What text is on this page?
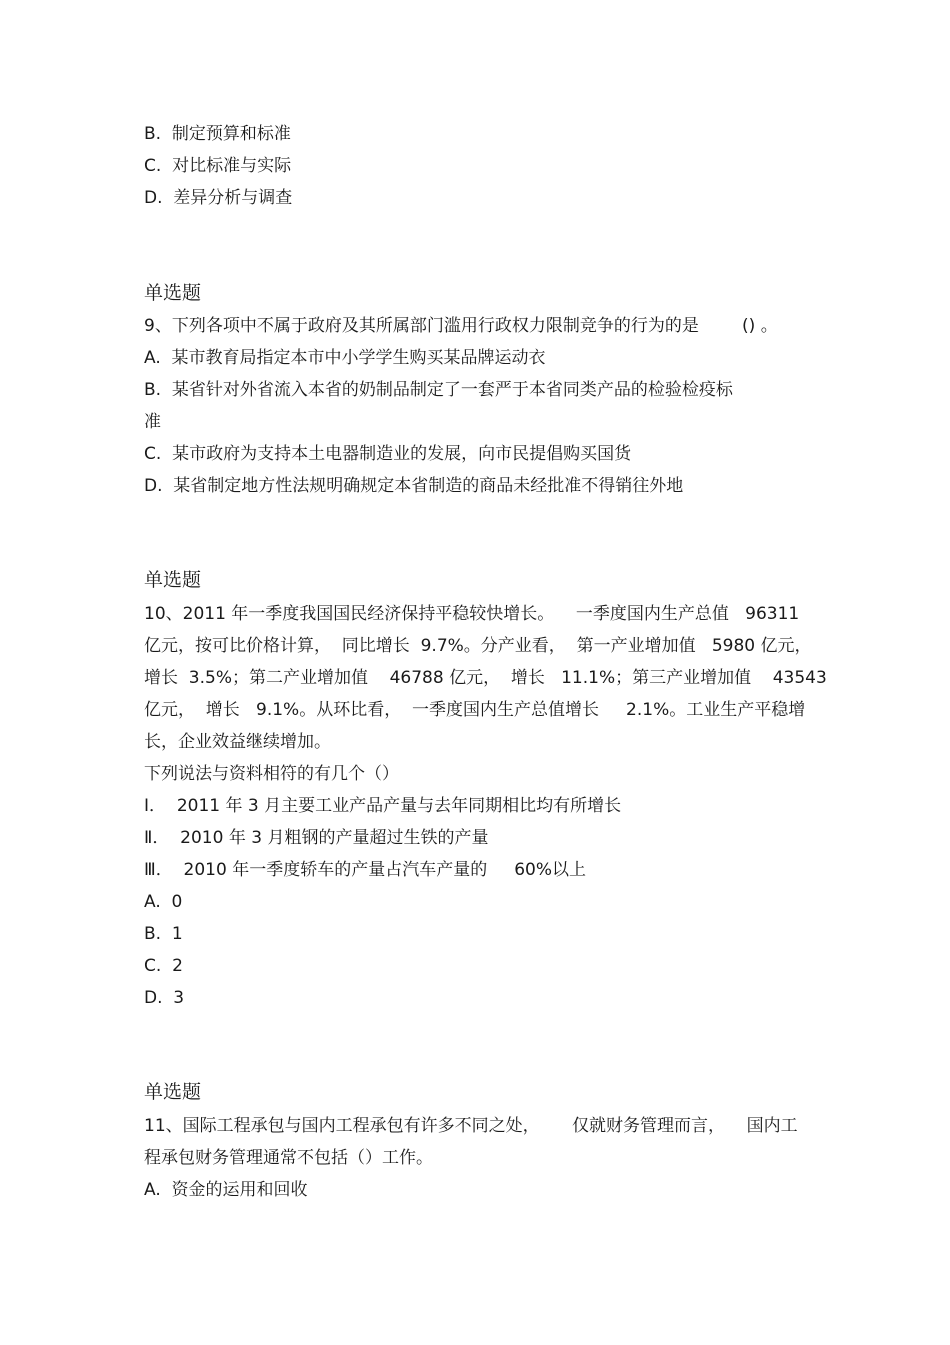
B.  制定预算和标准
C.  对比标准与实际
D.  差异分析与调查
单选题
9、下列各项中不属于政府及其所属部门滥用行政权力限制竞争的行为的是        () 。
A.  某市教育局指定本市中小学学生购买某品牌运动衣
B.  某省针对外省流入本省的奶制品制定了一套严于本省同类产品的检验检疫标
准
C.  某市政府为支持本土电器制造业的发展，向市民提倡购买国货
D.  某省制定地方性法规明确规定本省制造的商品未经批准不得销往外地
单选题
10、2011 年一季度我国国民经济保持平稳较快增长。    一季度国内生产总值   96311
亿元，按可比价格计算，  同比增长  9.7%。分产业看，  第一产业增加值   5980 亿元，
增长  3.5%；第二产业增加值    46788 亿元，  增长   11.1%；第三产业增加值    43543
亿元，  增长   9.1%。从环比看，  一季度国内生产总值增长     2.1%。工业生产平稳增
长，企业效益继续增加。
下列说法与资料相符的有几个（）
Ⅰ．  2011 年 3 月主要工业产品产量与去年同期相比均有所增长
Ⅱ．  2010 年 3 月粗钢的产量超过生铁的产量
Ⅲ．  2010 年一季度轿车的产量占汽车产量的     60%以上
A.  0
B.  1
C.  2
D.  3
单选题
11、国际工程承包与国内工程承包有许多不同之处，      仅就财务管理而言，    国内工
程承包财务管理通常不包括（）工作。
A.  资金的运用和回收
